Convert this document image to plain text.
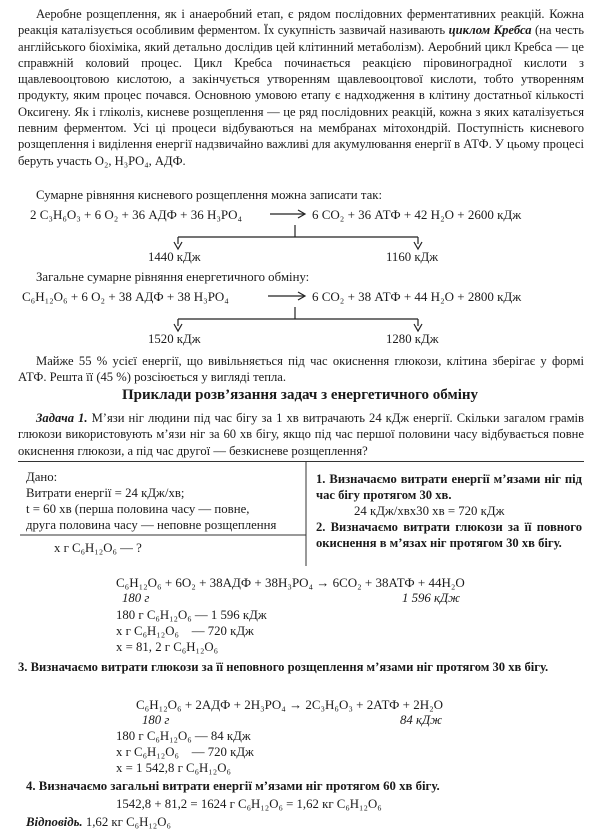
Аеробне розщеплення, як і анаеробний етап, є рядом послідовних ферментативних реакцій. Кожна реакція каталізується особливим ферментом. Їх сукупність зазвичай називають циклом Кребса (на честь англійського біохіміка, який детально дослідив цей клітинний метаболізм). Аеробний цикл Кребса — це справжній коловий процес. Цикл Кребса починається реакцією піровиноградної кислоти з щавлевооцтовою кислотою, а закінчується утворенням щавлевооцтової кислоти, тобто утворенням продукту, яким процес почався. Основною умовою етапу є надходження в клітину достатньої кількості Оксигену. Як і гліколіз, кисневе розщеплення — це ряд послідовних реакцій, кожна з яких каталізується певним ферментом. Усі ці процеси відбуваються на мембранах мітохондрій. Поступність кисневого розщеплення і виділення енергії надзвичайно важливі для акумулювання енергії в АТФ. У цьому процесі беруть участь O₂, H₃PO₄, АДФ.

Сумарне рівняння кисневого розщеплення можна записати так:
2 C₃H₆O₃ + 6 O₂ + 36 АДФ + 36 H₃PO₄	6 CO₂ + 36 АТФ + 42 H₂O + 2600 кДж
1440 кДж	1160 кДж
Загальне сумарне рівняння енергетичного обміну:
C₆H₁₂O₆ + 6 O₂ + 38 АДФ + 38 H₃PO₄	6 CO₂ + 38 АТФ + 44 H₂O + 2800 кДж
1520 кДж	1280 кДж

Майже 55 % усієї енергії, що вивільняється під час окиснення глюкози, клітина зберігає у формі АТФ. Решта її (45 %) розсіюється у вигляді тепла.

Приклади розв’язання задач з енергетичного обміну

Задача 1. М’язи ніг людини під час бігу за 1 хв витрачають 24 кДж енергії. Скільки загалом грамів глюкози використовують м’язи ніг за 60 хв бігу, якщо під час першої половини часу відбувається повне окиснення глюкози, а під час другої — безкисневе розщеплення?

Дано:
Витрати енергії = 24 кДж/хв;
t = 60 хв (перша половина часу — повне,
друга половина часу — неповне розщеплення
x г C₆H₁₂O₆ — ?

1. Визначаємо витрати енергії м’язами ніг під час бігу протягом 30 хв.

24 кДж/хвх30 хв = 720 кДж

2. Визначаємо витрати глюкози за її повного окиснення в м’язах ніг протягом 30 хв бігу.

C₆H₁₂O₆ + 6O₂ + 38АДФ + 38H₃PO₄ → 6CO₂ + 38АТФ + 44H₂O
180 г	1 596 кДж
180 г C₆H₁₂O₆ — 1 596 кДж
x г C₆H₁₂O₆    — 720 кДж
x = 81, 2 г C₆H₁₂O₆

3. Визначаємо витрати глюкози за її неповного розщеплення м’язами ніг протягом 30 хв бігу.

C₆H₁₂O₆ + 2АДФ + 2H₃PO₄ → 2C₃H₆O₃ + 2АТФ + 2H₂O
180 г	84 кДж
180 г C₆H₁₂O₆ — 84 кДж
x г C₆H₁₂O₆    — 720 кДж
x = 1 542,8 г C₆H₁₂O₆
4. Визначаємо загальні витрати енергії м’язами ніг протягом 60 хв бігу.
1542,8 + 81,2 = 1624 г C₆H₁₂O₆ = 1,62 кг C₆H₁₂O₆
Відповідь. 1,62 кг C₆H₁₂O₆
